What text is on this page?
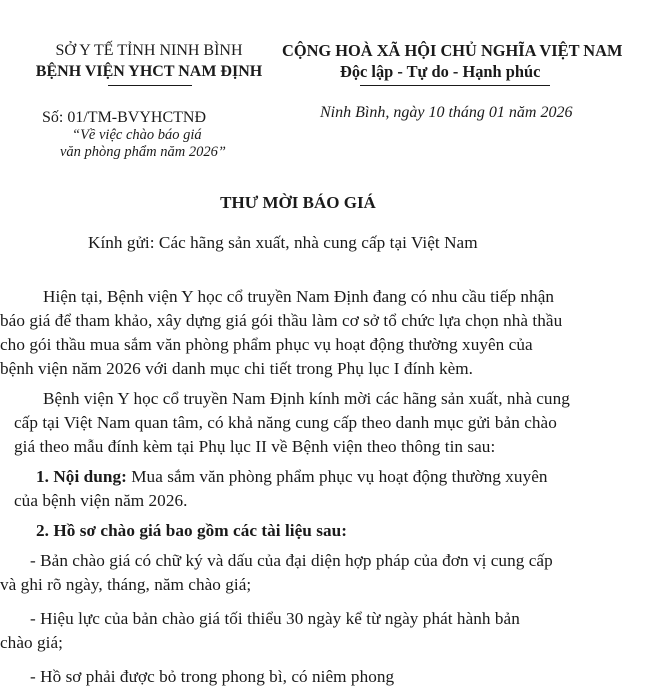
SỞ Y TẾ TỈNH NINH BÌNH
BỆNH VIỆN YHCT NAM ĐỊNH
Số: 01/TM-BVYHCTNĐ
“Về việc chào báo giá
văn phòng phẩm năm 2026”
CỘNG HOÀ XÃ HỘI CHỦ NGHĨA VIỆT NAM
Độc lập - Tự do - Hạnh phúc
Ninh Bình, ngày 10 tháng 01 năm 2026
THƯ MỜI BÁO GIÁ
Kính gửi: Các hãng sản xuất, nhà cung cấp tại Việt Nam
Hiện tại, Bệnh viện Y học cổ truyền Nam Định đang có nhu cầu tiếp nhận
báo giá để tham khảo, xây dựng giá gói thầu làm cơ sở tổ chức lựa chọn nhà thầu
cho gói thầu mua sắm văn phòng phẩm phục vụ hoạt động thường xuyên của
bệnh viện năm 2026 với danh mục chi tiết trong Phụ lục I đính kèm.
Bệnh viện Y học cổ truyền Nam Định kính mời các hãng sản xuất, nhà cung
cấp tại Việt Nam quan tâm, có khả năng cung cấp theo danh mục gửi bản chào
giá theo mẫu đính kèm tại Phụ lục II về Bệnh viện theo thông tin sau:
1. Nội dung: Mua sắm văn phòng phẩm phục vụ hoạt động thường xuyên
của bệnh viện năm 2026.
2. Hồ sơ chào giá bao gồm các tài liệu sau:
- Bản chào giá có chữ ký và dấu của đại diện hợp pháp của đơn vị cung cấp
và ghi rõ ngày, tháng, năm chào giá;
- Hiệu lực của bản chào giá tối thiểu 30 ngày kể từ ngày phát hành bản
chào giá;
- Hồ sơ phải được bỏ trong phong bì, có niêm phong
